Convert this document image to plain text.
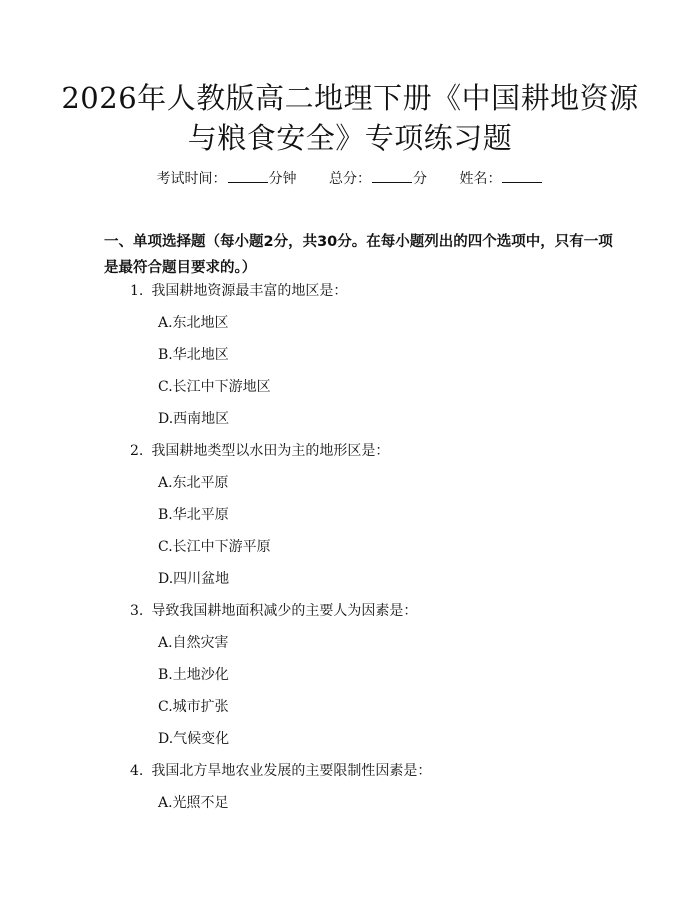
2026年人教版高二地理下册《中国耕地资源
与粮食安全》专项练习题
考试时间：	分钟 总分：	分 姓名：
一、单项选择题（每小题2分，共30分。在每小题列出的四个选项中，只有一项是最符合题目要求的。）
1. 我国耕地资源最丰富的地区是：
A.东北地区
B.华北地区
C.长江中下游地区
D.西南地区
2. 我国耕地类型以水田为主的地形区是：
A.东北平原
B.华北平原
C.长江中下游平原
D.四川盆地
3. 导致我国耕地面积减少的主要人为因素是：
A.自然灾害
B.土地沙化
C.城市扩张
D.气候变化
4. 我国北方旱地农业发展的主要限制性因素是：
A.光照不足
